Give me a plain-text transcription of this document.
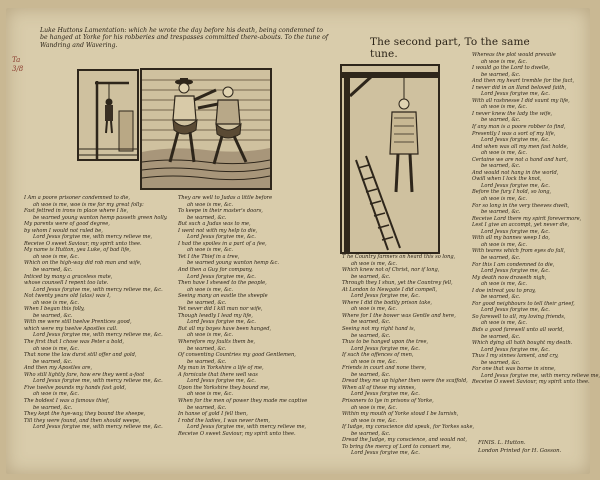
Luke Huttons Lamentation: which he wrote the day before his death, being condemned to be hanged at Yorke for his robberies and trespasses committed there-abouts. To the tune of Wandring and Wavering.	The second part, To the same tune.
Ta 3/8
I Am a poore prisoner condemned to die,
ah woe is me, woe is me for my great folly:
Fast fettred in irons in place where I lie,
be warned young wanton hemp passeth green holly.
My parents were of good degree,
by whom I would not ruled be,
Lord Jesus forgive me, with mercy relieve me,
Receive O sweet Saviour, my spirit unto thee.
My name is Hutton, yea Luke, of bad life,
ah woe is me, &c.
Which on the high-way did rob man and wife,
be warned, &c.
Inticed by many a graceless mate,
whose counsell I repent too late.
Lord Jesus forgive me, with mercy relieve me, &c.
Not twenty years old (alas) was I,
ah woe is me, &c.
When I began this folly,
be warned, &c.
With me were still twelve Prentices good,
which were my twelve Apostles call.
Lord Jesus forgive me, with mercy relieve me, &c.
The first that I chose was Peter a bold,
ah woe is me, &c.
That none the law durst still offer and gold,
be warned, &c.
And then my Apostles are,
Who still lightly fare, how ere they went a-foot
Lord Jesus forgive me, with mercy relieve me, &c.
Five twelve pounds my hands fast gold,
ah woe is me, &c.
The boldest I was a famous thief,
be warned, &c.
They kept the hye-way, they bound the sheepe,
Till they were found, and then should weepe,
Lord Jesus forgive me, with mercy relieve me, &c.
They are well to Judas a little before
ah woe is me, &c.
To keepe in their master's doors,
be warned, &c.
But such a Judas was to me,
I went not with my help to die,
Lord Jesus forgive me, &c.
I had the spoiles in a part of a fee,
ah woe is me, &c.
Yet I the Thief in a tree,
be warned young wanton hemp &c.
And then a Guy for company,
Lord Jesus forgive me, &c.
Then have I shewed to the people,
ah woe is me, &c.
Seeing many an eastle the sheeple
be warned, &c.
Yet never did I kill man nor wife,
Though lewdly I lead my life,
Lord Jesus forgive me, &c.
But all my boyes have been hanged,
ah woe is me, &c.
Wherefore my faults them be,
be warned, &c.
Of consenting Countries my good Gentlemen,
be warned, &c.
My man in Yorkshire a life of me,
A fornicate that there well was
Lord Jesus forgive me, &c.
Upon the Yorkshire they bound me,
ah woe is me, &c.
When for the men of power they made me captive
be warned, &c.
In hanse of gold I fell then,
I robd the ladies, I was never them,
Lord Jesus forgive me, with mercy relieve me,
Receive O sweet Saviour, my spirit unto thee.
T he Country farmers on heard this so long,
ah woe is me, &c.
Which knew not of Christ, nor if long,
be warned, &c.
Through they I shun, yet the Countrey fell,
At London to Newgate I did compell,
Lord Jesus forgive me, &c.
Where I did the bodily prison take,
ah woe is me, &c.
Where for I the bower was Gentle and here,
be warned, &c.
Seeing not my right hand is,
be warned, &c.
Thus to be hanged upon the tree,
Lord Jesus forgive me, &c.
If such the offences of men,
ah woe is me, &c.
Friends in court and none there,
be warned, &c.
Dread they me up higher then were the scaffold,
When all of these my sinnes,
Lord Jesus forgive me, &c.
Prisoners to lye in prisons of Yorke,
ah woe is me, &c.
Within my mouth of Yorke stoud I be Iurnish,
ah woe is me, &c.
If Iudge, my conscience did speak, for Yorkes sake,
be warned, &c.
Dread the Judge, my conscience, and would not,
To bring the mercy of Lord to conuert me,
Lord Jesus forgive me, &c.
Whereas the plot would prevaile
ah woe is me, &c.
I would go the Lord to dwelle,
be warned, &c.
And then my heart tremble for the fact,
I never did in an Iland beloved faith,
Lord Jesus forgive me, &c.
With all rashnesse I did vaunt my life,
ah woe is me, &c.
I never knew the lady the wife,
be warned, &c.
If any man is a poore robber to find,
Presently I was a sort of my life,
Lord Jesus forgive me, &c.
And when was all my men fast holde,
ah woe is me, &c.
Certaine we are not a hand and hart,
be warned, &c.
And would not hang in the world,
Owill when I lock the knot,
Lord Jesus forgive me, &c.
Before the fury I hold, so long,
ah woe is me, &c.
For so long in the very theeves dwelt,
be warned, &c.
Receive Lord there my spirit forevermore,
Lest I give an accompt, yet never die,
Lord Jesus forgive me, &c.
With all my bannes weep I do,
ah woe is me, &c.
With teares which from eyes do fall,
be warned, &c.
For this I am condemned to die,
Lord Jesus forgive me, &c.
My death now draweth nigh,
ah woe is me, &c.
I doe intreat you to pray,
be warned, &c.
For good neighbours to tell their grieef,
Lord Jesus forgive me, &c.
So farewell to all, my loving friends,
ah woe is me, &c.
Bids a good farewell unto all world,
be warned, &c.
Which dying all hath bought my death.
Lord Jesus forgive me, &c.
Thus I my sinnes lament, and cry,
be warned, &c.
For one that was borne in sinne,
Lord Jesus forgive me, with mercy relieve me,
Receive O sweet Saviour, my spirit unto thee.
FINIS. L. Hutton.
London Printed for H. Gosson.
